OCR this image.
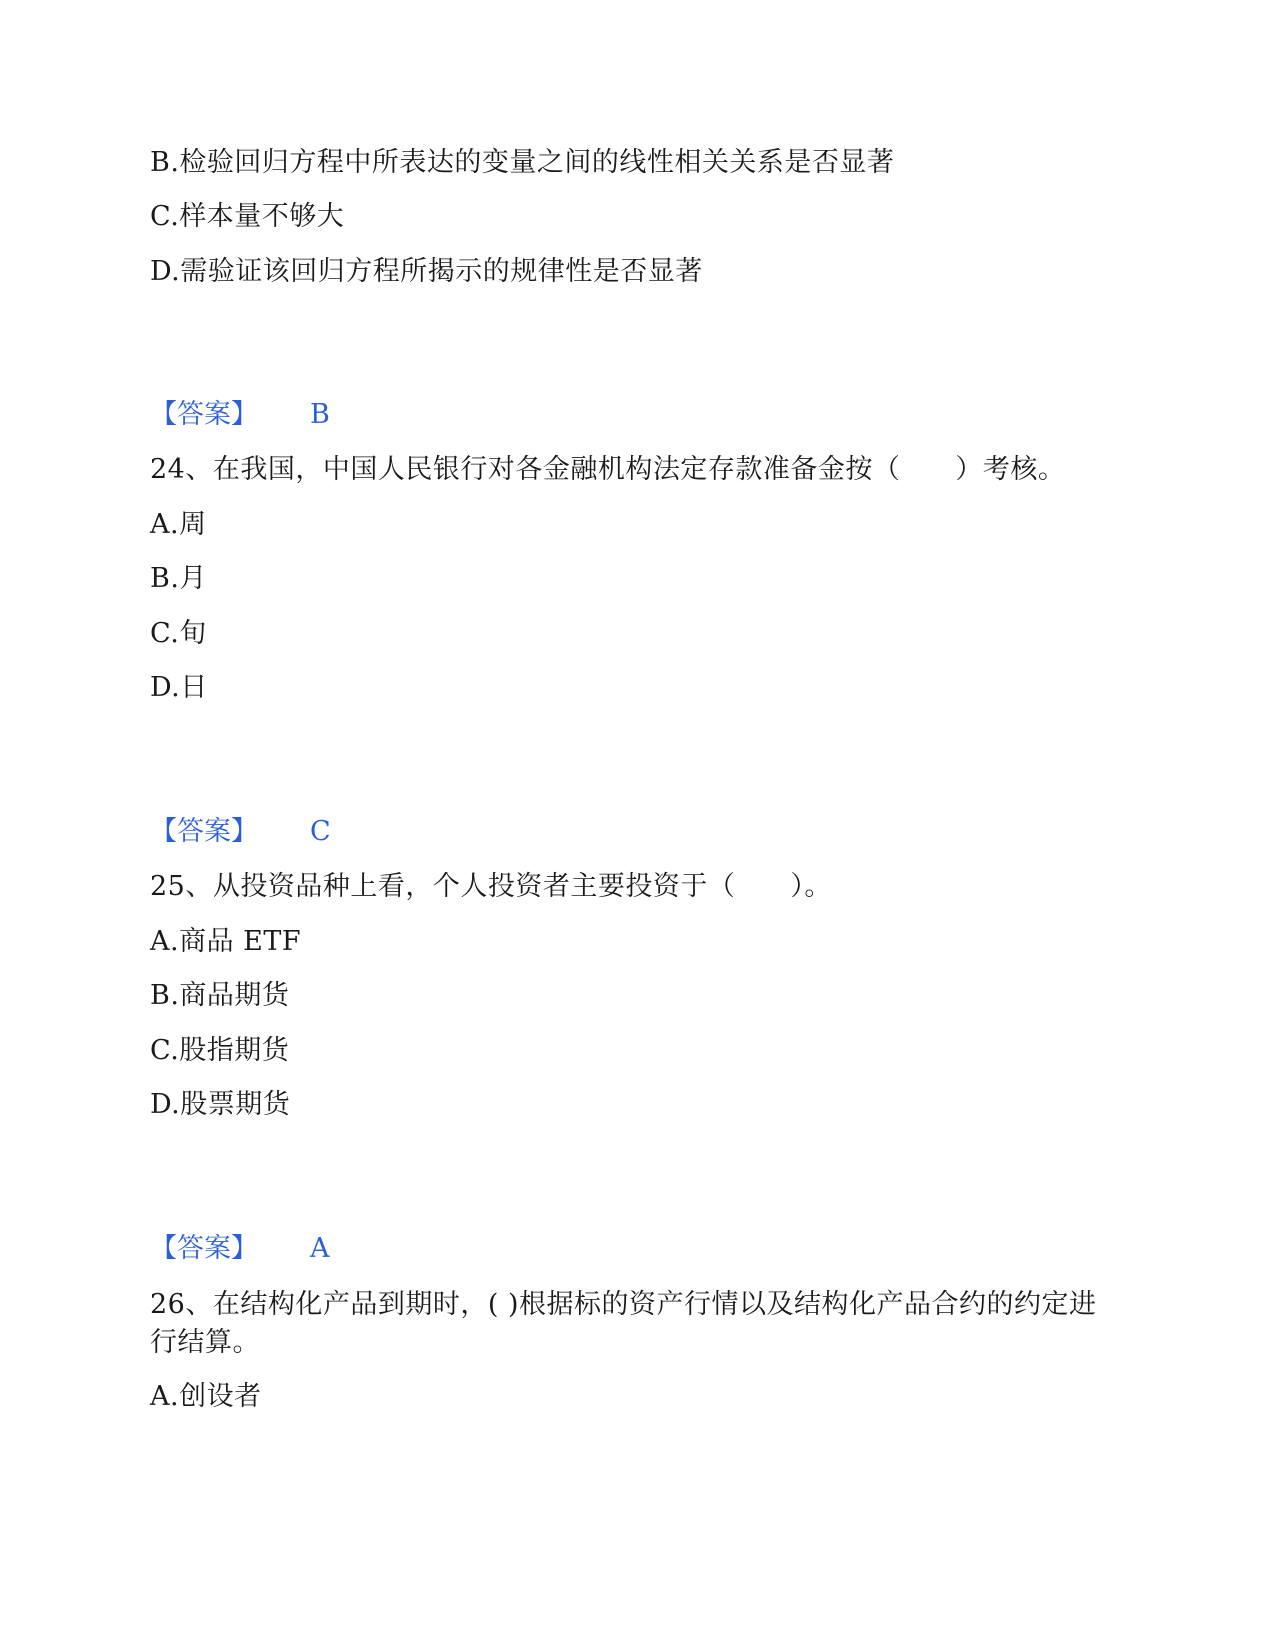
B.检验回归方程中所表达的变量之间的线性相关关系是否显著
C.样本量不够大
D.需验证该回归方程所揭示的规律性是否显著
【答案】 B
24、在我国，中国人民银行对各金融机构法定存款准备金按（　　）考核。
A.周
B.月
C.旬
D.日
【答案】 C
25、从投资品种上看，个人投资者主要投资于（　　）。
A.商品 ETF
B.商品期货
C.股指期货
D.股票期货
【答案】 A
26、在结构化产品到期时，( )根据标的资产行情以及结构化产品合约的约定进行结算。
A.创设者
